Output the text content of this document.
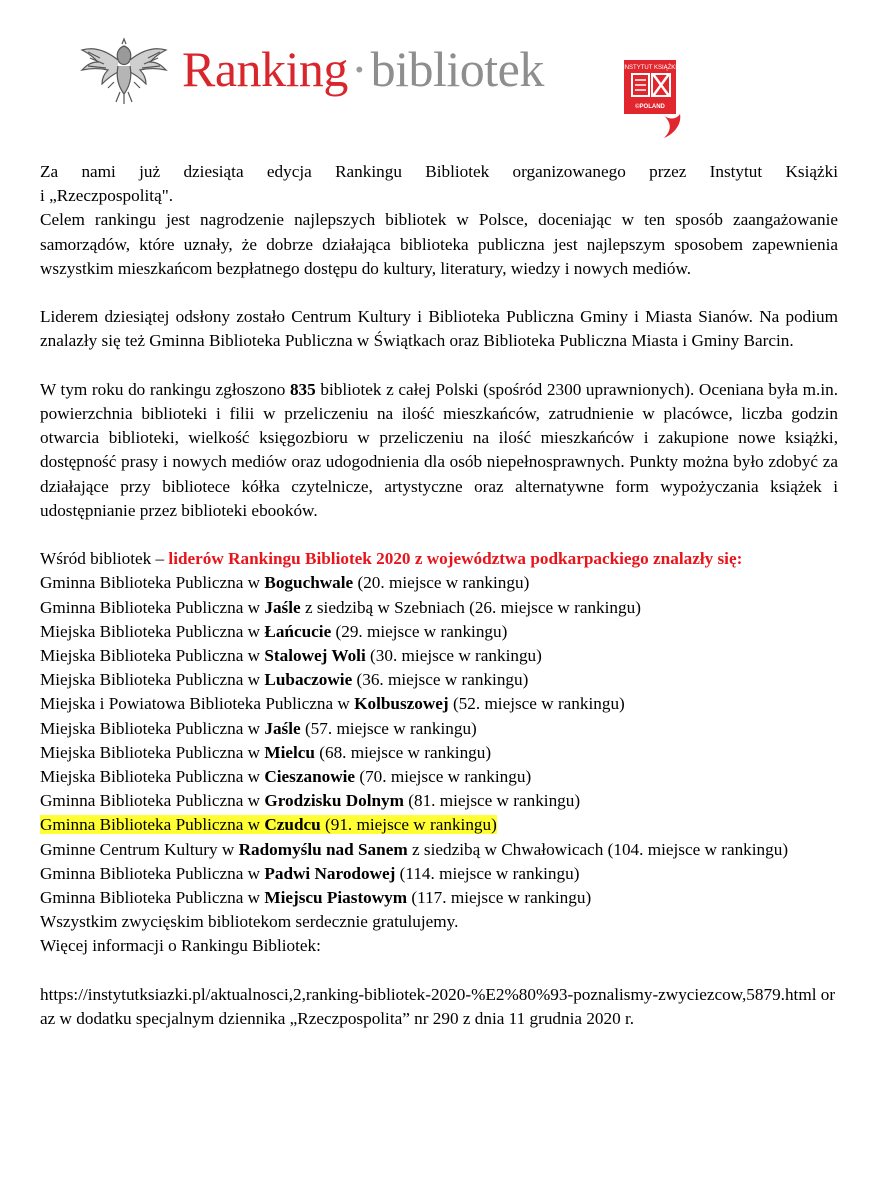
Ranking · bibliotek	INSTYTUT KSIĄŻKI
©POLAND

Za nami już dziesiąta edycja Rankingu Bibliotek organizowanego przez Instytut Książki

i „Rzeczpospolitą".

Celem rankingu jest nagrodzenie najlepszych bibliotek w Polsce, doceniając w ten sposób zaangażowanie samorządów, które uznały, że dobrze działająca biblioteka publiczna jest najlepszym sposobem zapewnienia wszystkim mieszkańcom bezpłatnego dostępu do kultury, literatury, wiedzy i nowych mediów.

Liderem dziesiątej odsłony zostało Centrum Kultury i Biblioteka Publiczna Gminy i Miasta Sianów. Na podium znalazły się też Gminna Biblioteka Publiczna w Świątkach oraz Biblioteka Publiczna Miasta i Gminy Barcin.

W tym roku do rankingu zgłoszono 835 bibliotek z całej Polski (spośród 2300 uprawnionych). Oceniana była m.in. powierzchnia biblioteki i filii w przeliczeniu na ilość mieszkańców, zatrudnienie w placówce, liczba godzin otwarcia biblioteki, wielkość księgozbioru w przeliczeniu na ilość mieszkańców i zakupione nowe książki, dostępność prasy i nowych mediów oraz udogodnienia dla osób niepełnosprawnych. Punkty można było zdobyć za działające przy bibliotece kółka czytelnicze, artystyczne oraz alternatywne form wypożyczania książek i udostępnianie przez biblioteki ebooków.

Wśród bibliotek – liderów Rankingu Bibliotek 2020 z województwa podkarpackiego znalazły się:

Gminna Biblioteka Publiczna w Boguchwale (20. miejsce w rankingu)

Gminna Biblioteka Publiczna w Jaśle z siedzibą w Szebniach (26. miejsce w rankingu)

Miejska Biblioteka Publiczna w Łańcucie (29. miejsce w rankingu)

Miejska Biblioteka Publiczna w Stalowej Woli (30. miejsce w rankingu)

Miejska Biblioteka Publiczna w Lubaczowie (36. miejsce w rankingu)

Miejska i Powiatowa Biblioteka Publiczna w Kolbuszowej (52. miejsce w rankingu)

Miejska Biblioteka Publiczna w Jaśle (57. miejsce w rankingu)

Miejska Biblioteka Publiczna w Mielcu (68. miejsce w rankingu)

Miejska Biblioteka Publiczna w Cieszanowie (70. miejsce w rankingu)

Gminna Biblioteka Publiczna w Grodzisku Dolnym (81. miejsce w rankingu)

Gminna Biblioteka Publiczna w Czudcu (91. miejsce w rankingu)

Gminne Centrum Kultury w Radomyślu nad Sanem z siedzibą w Chwałowicach (104. miejsce w rankingu)

Gminna Biblioteka Publiczna w Padwi Narodowej (114. miejsce w rankingu)

Gminna Biblioteka Publiczna w Miejscu Piastowym (117. miejsce w rankingu)

Wszystkim zwycięskim bibliotekom serdecznie gratulujemy.

Więcej informacji o Rankingu Bibliotek:

https://instytutksiazki.pl/aktualnosci,2,ranking-bibliotek-2020-%E2%80%93-poznalismy-zwyciezcow,5879.html oraz w dodatku specjalnym dziennika „Rzeczpospolita” nr 290 z dnia 11 grudnia 2020 r.
